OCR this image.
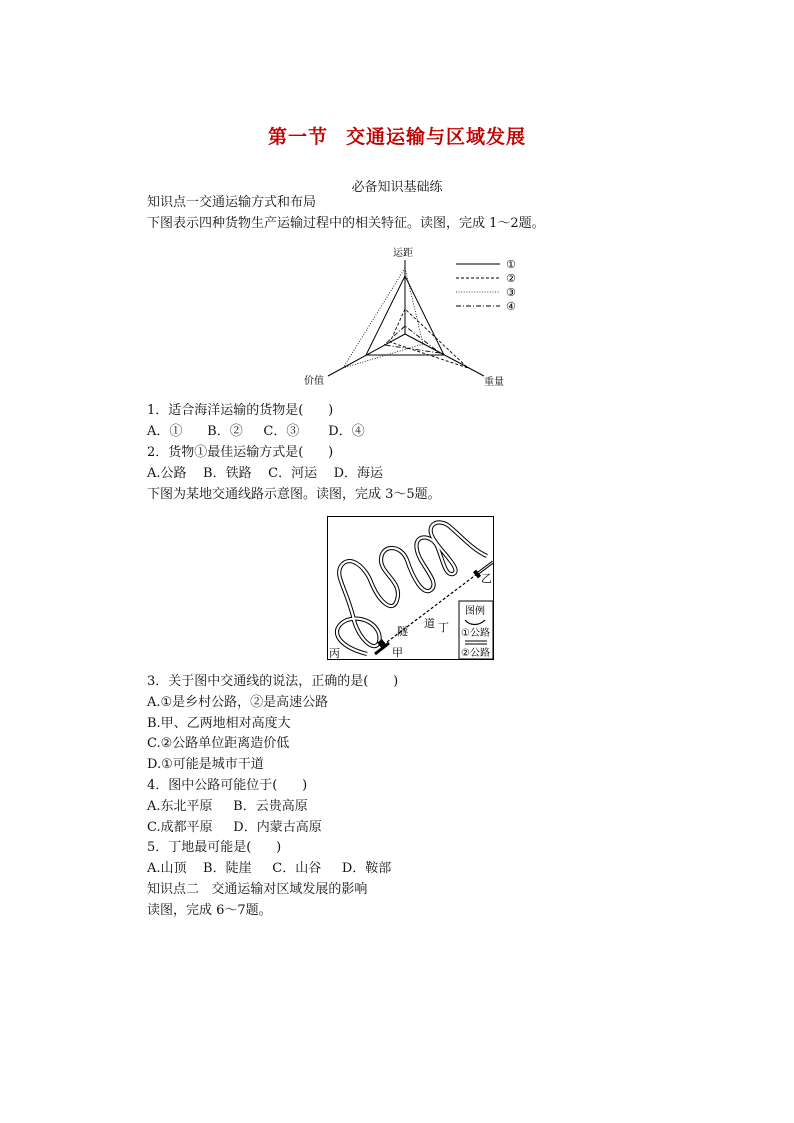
第一节 交通运输与区域发展
必备知识基础练
知识点一交通运输方式和布局
下图表示四种货物生产运输过程中的相关特征。读图，完成 1～2题。
运距
价值	重量
①
②
③
④
1．适合海洋运输的货物是(      )
A．①      B．②     C．③       D．④
2．货物①最佳运输方式是(      )
A.公路    B．铁路    C．河运    D．海运
下图为某地交通线路示意图。读图，完成 3～5题。
乙
道 丁
隧
甲
丙
图例
①公路
②公路
3．关于图中交通线的说法，正确的是(      )
A.①是乡村公路，②是高速公路
B.甲、乙两地相对高度大
C.②公路单位距离造价低
D.①可能是城市干道
4．图中公路可能位于(      )
A.东北平原     B．云贵高原
C.成都平原     D．内蒙古高原
5．丁地最可能是(      )
A.山顶    B．陡崖     C．山谷     D．鞍部
知识点二   交通运输对区域发展的影响
读图，完成 6～7题。
